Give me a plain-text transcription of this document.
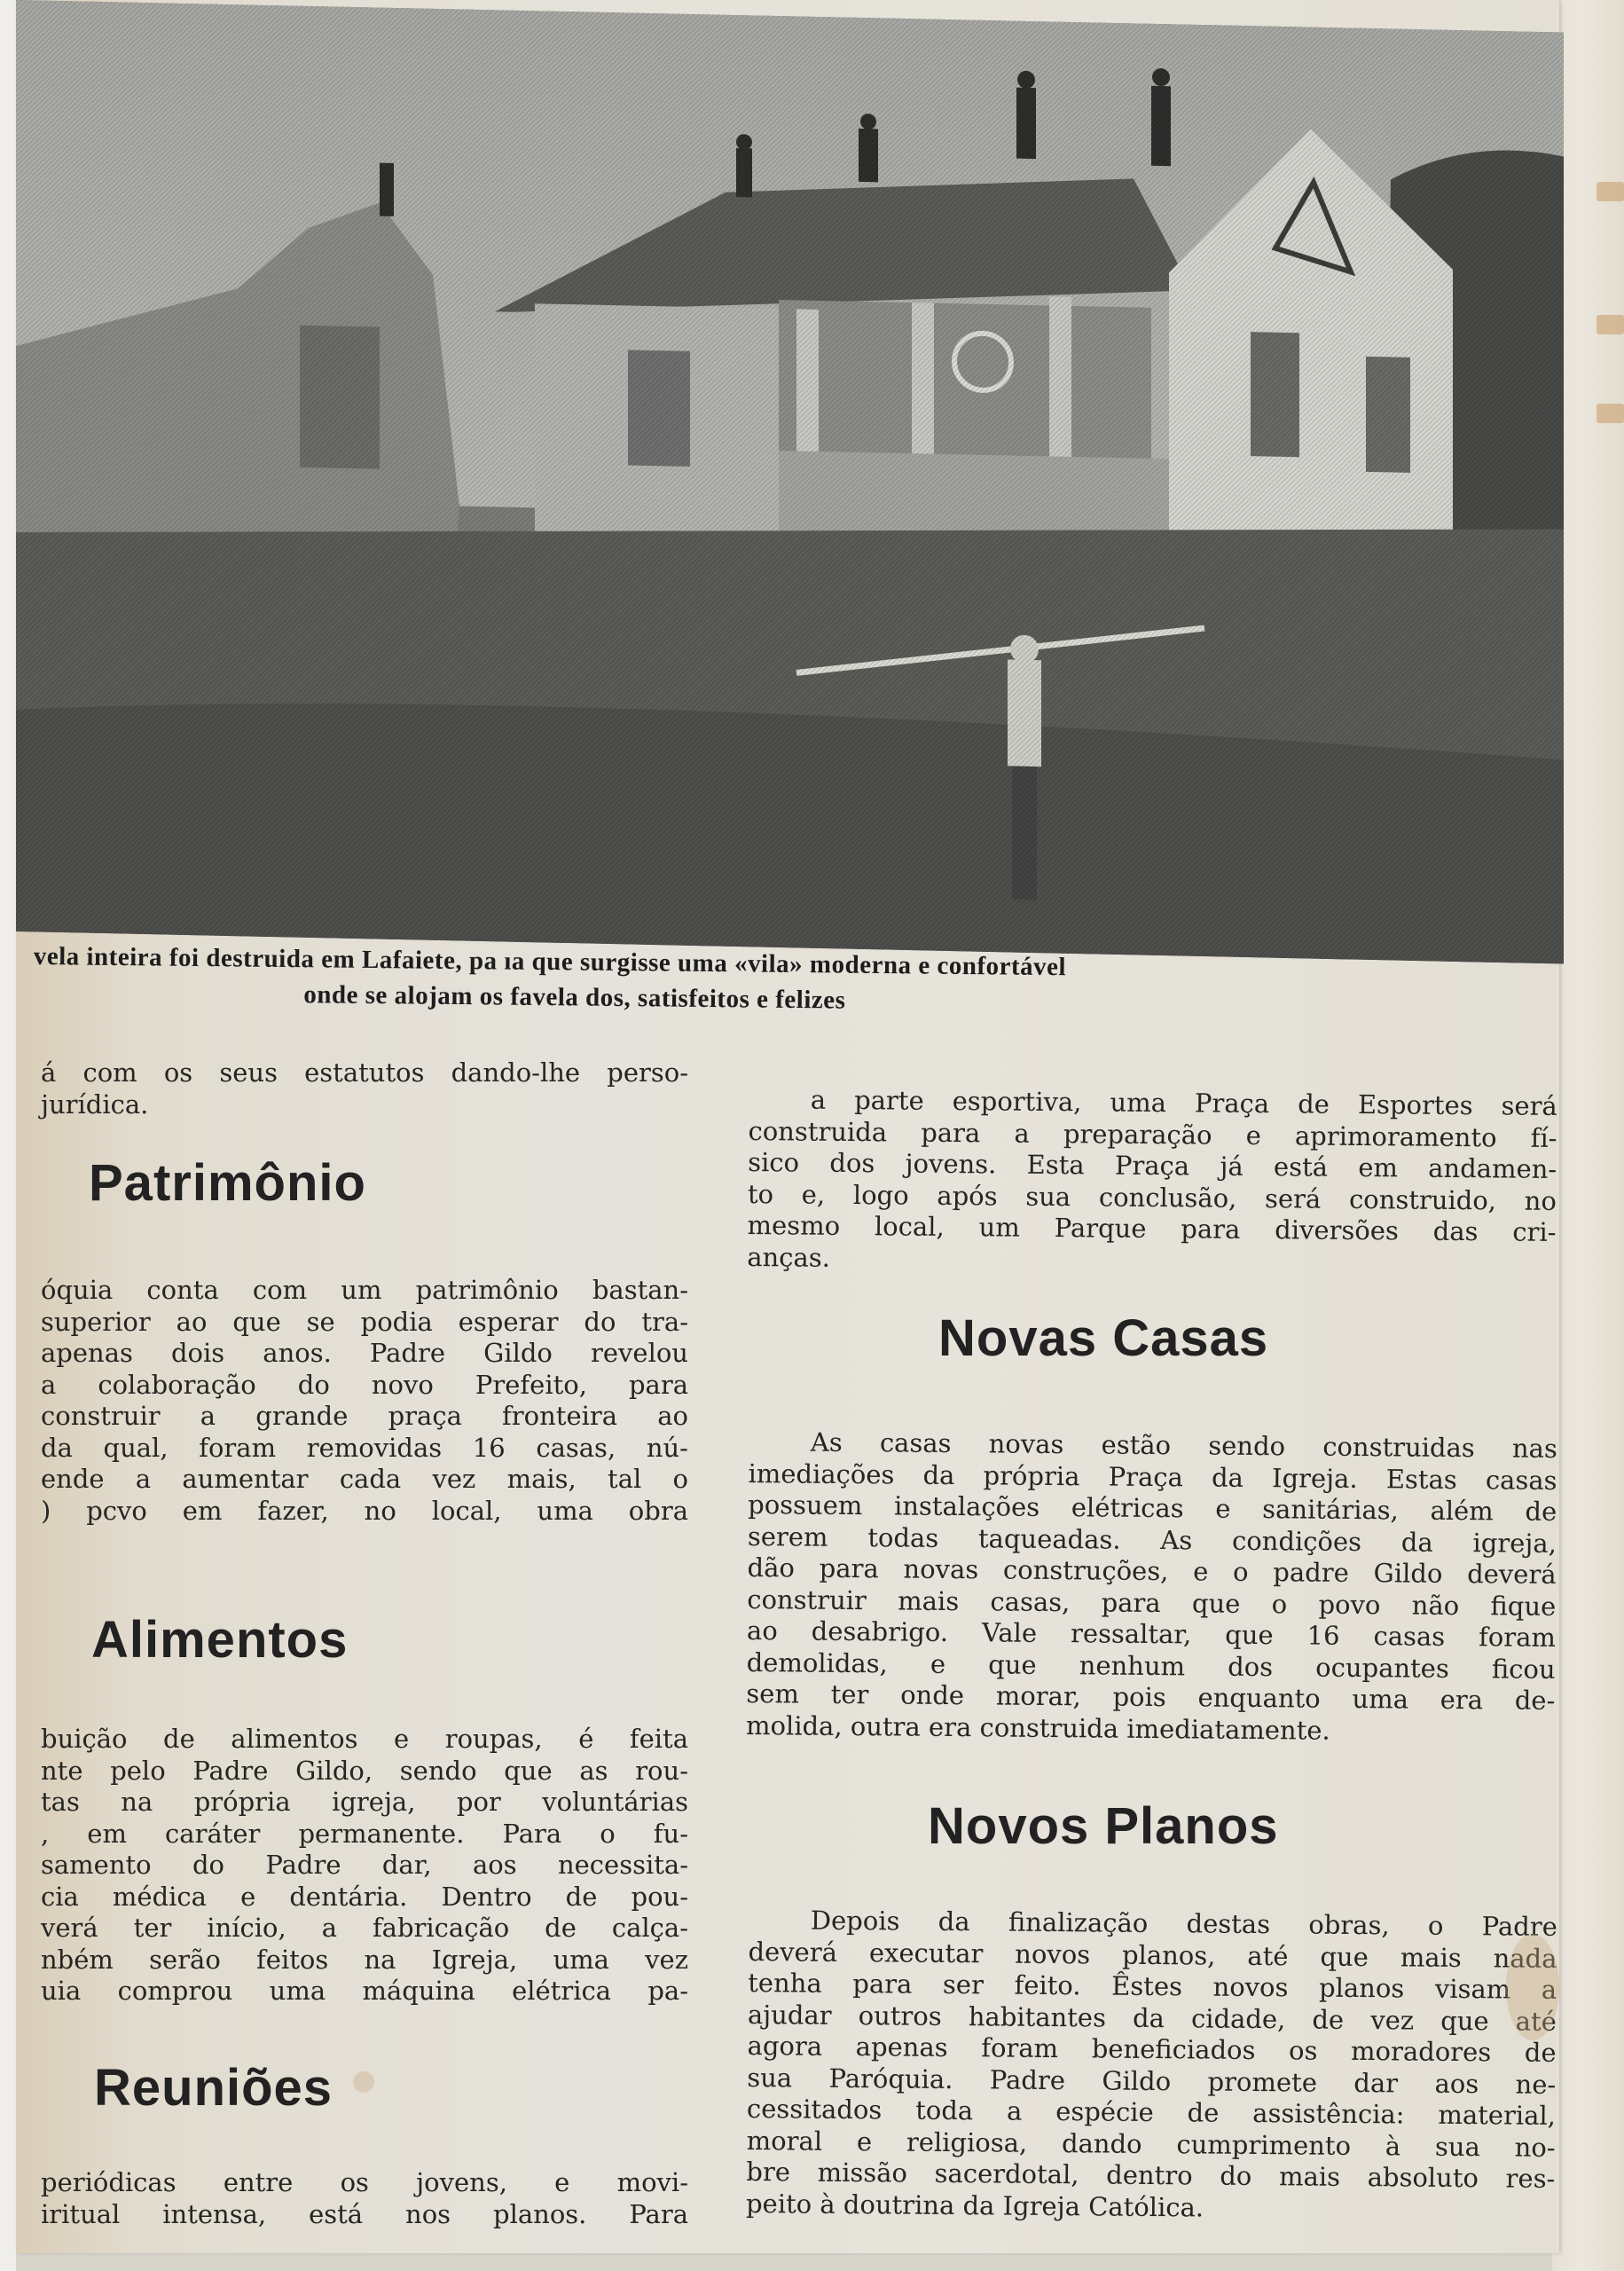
vela inteira foi destruida em Lafaiete, pa ıa que surgisse uma «vila» moderna e confortável
onde se alojam os favela dos, satisfeitos e felizes
á com os seus estatutos dando-lhe perso-
jurídica.
Patrimônio
óquia conta com um patrimônio bastan-
superior ao que se podia esperar do tra-
apenas dois anos. Padre Gildo revelou
a colaboração do novo Prefeito, para
construir a grande praça fronteira ao
da qual, foram removidas 16 casas, nú-
ende a aumentar cada vez mais, tal o
) pcvo em fazer, no local, uma obra
Alimentos
buição de alimentos e roupas, é feita
nte pelo Padre Gildo, sendo que as rou-
tas na própria igreja, por voluntárias
, em caráter permanente. Para o fu-
samento do Padre dar, aos necessita-
cia médica e dentária. Dentro de pou-
verá ter início, a fabricação de calça-
nbém serão feitos na Igreja, uma vez
uia comprou uma máquina elétrica pa-
Reuniões
periódicas entre os jovens, e movi-
iritual intensa, está nos planos. Para
a parte esportiva, uma Praça de Esportes será
construida para a preparação e aprimoramento fí-
sico dos jovens. Esta Praça já está em andamen-
to e, logo após sua conclusão, será construido, no
mesmo local, um Parque para diversões das cri-
anças.
Novas Casas
As casas novas estão sendo construidas nas
imediações da própria Praça da Igreja. Estas casas
possuem instalações elétricas e sanitárias, além de
serem todas taqueadas. As condições da igreja,
dão para novas construções, e o padre Gildo deverá
construir mais casas, para que o povo não fique
ao desabrigo. Vale ressaltar, que 16 casas foram
demolidas, e que nenhum dos ocupantes ficou
sem ter onde morar, pois enquanto uma era de-
molida, outra era construida imediatamente.
Novos Planos
Depois da finalização destas obras, o Padre
deverá executar novos planos, até que mais nada
tenha para ser feito. Êstes novos planos visam a
ajudar outros habitantes da cidade, de vez que até
agora apenas foram beneficiados os moradores de
sua Paróquia. Padre Gildo promete dar aos ne-
cessitados toda a espécie de assistência: material,
moral e religiosa, dando cumprimento à sua no-
bre missão sacerdotal, dentro do mais absoluto res-
peito à doutrina da Igreja Católica.
